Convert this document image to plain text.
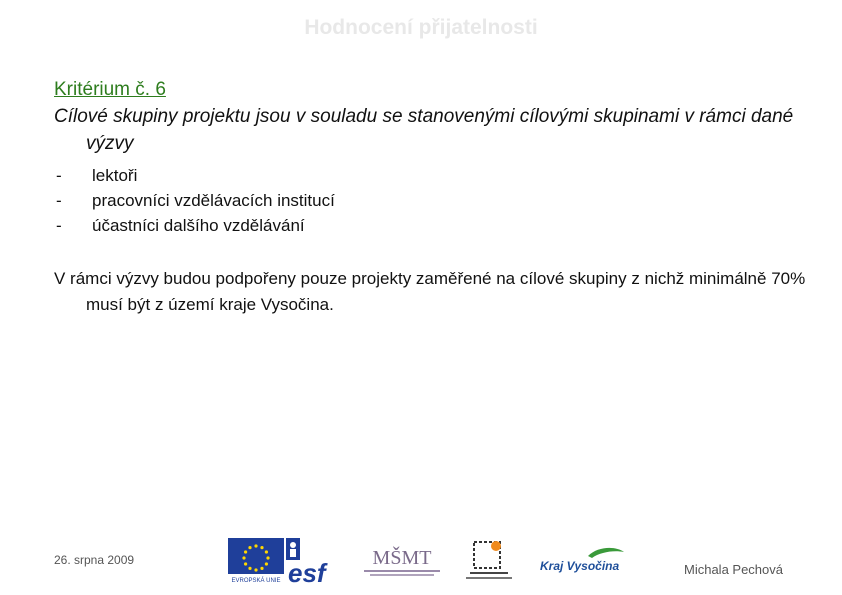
Hodnocení přijatelnosti
Kritérium č. 6

Cílové skupiny projektu jsou v souladu se stanovenými cílovými skupinami v rámci dané výzvy

-	lektoři
-	pracovníci vzdělávacích institucí
-	účastníci dalšího vzdělávání
V rámci výzvy budou podpořeny pouze projekty zaměřené na cílové skupiny z nichž minimálně 70% musí být z území kraje Vysočina.
26. srpna 2009
EVROPSKÁ UNIE esf MŠMT	Kraj Vysočina	Michala Pechová
